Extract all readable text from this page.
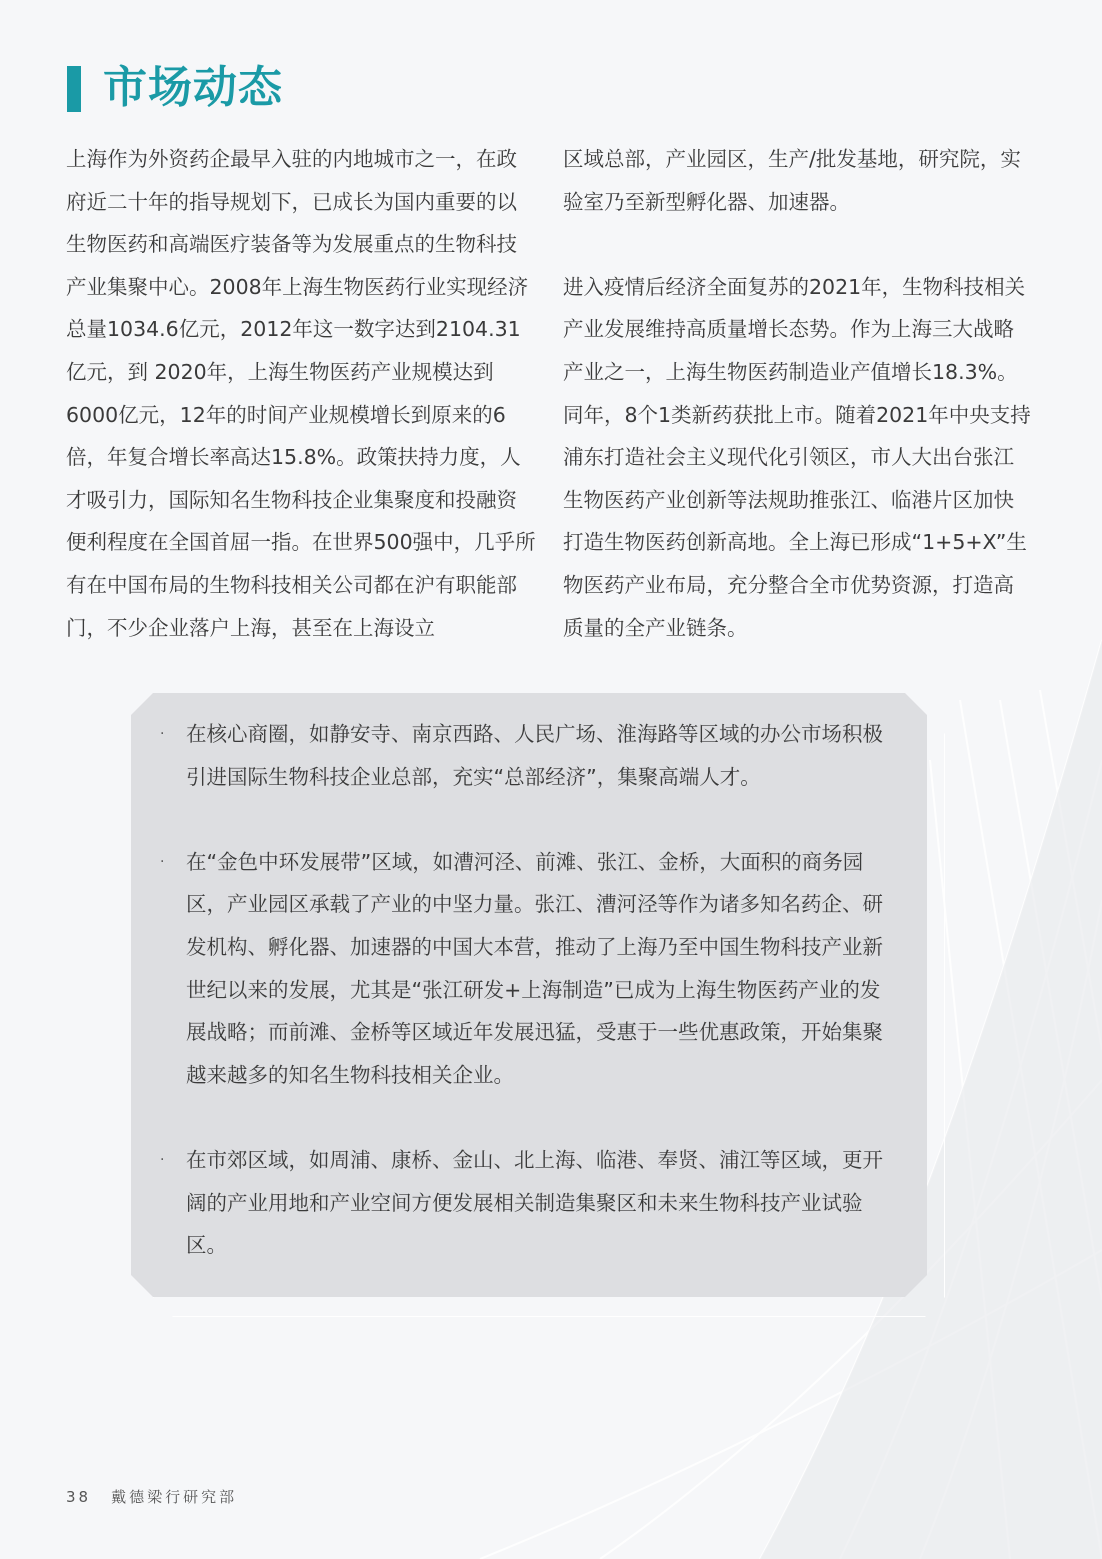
市场动态

上海作为外资药企最早入驻的内地城市之一，在政府近二十年的指导规划下，已成长为国内重要的以生物医药和高端医疗装备等为发展重点的生物科技产业集聚中心。2008年上海生物医药行业实现经济总量1034.6亿元，2012年这一数字达到2104.31亿元，到 2020年，上海生物医药产业规模达到6000亿元，12年的时间产业规模增长到原来的6倍，年复合增长率高达15.8%。政策扶持力度，人才吸引力，国际知名生物科技企业集聚度和投融资便利程度在全国首屈一指。在世界500强中，几乎所有在中国布局的生物科技相关公司都在沪有职能部门，不少企业落户上海，甚至在上海设立

区域总部，产业园区，生产/批发基地，研究院，实验室乃至新型孵化器、加速器。

进入疫情后经济全面复苏的2021年，生物科技相关产业发展维持高质量增长态势。作为上海三大战略产业之一，上海生物医药制造业产值增长18.3%。同年，8个1类新药获批上市。随着2021年中央支持浦东打造社会主义现代化引领区，市人大出台张江生物医药产业创新等法规助推张江、临港片区加快打造生物医药创新高地。全上海已形成“1+5+X”生物医药产业布局，充分整合全市优势资源，打造高质量的全产业链条。

· 在核心商圈，如静安寺、南京西路、人民广场、淮海路等区域的办公市场积极引进国际生物科技企业总部，充实“总部经济”，集聚高端人才。
· 在“金色中环发展带”区域，如漕河泾、前滩、张江、金桥，大面积的商务园区，产业园区承载了产业的中坚力量。张江、漕河泾等作为诸多知名药企、研发机构、孵化器、加速器的中国大本营，推动了上海乃至中国生物科技产业新世纪以来的发展，尤其是“张江研发+上海制造”已成为上海生物医药产业的发展战略；而前滩、金桥等区域近年发展迅猛，受惠于一些优惠政策，开始集聚越来越多的知名生物科技相关企业。
· 在市郊区域，如周浦、康桥、金山、北上海、临港、奉贤、浦江等区域，更开阔的产业用地和产业空间方便发展相关制造集聚区和未来生物科技产业试验区。
38 戴德梁行研究部
